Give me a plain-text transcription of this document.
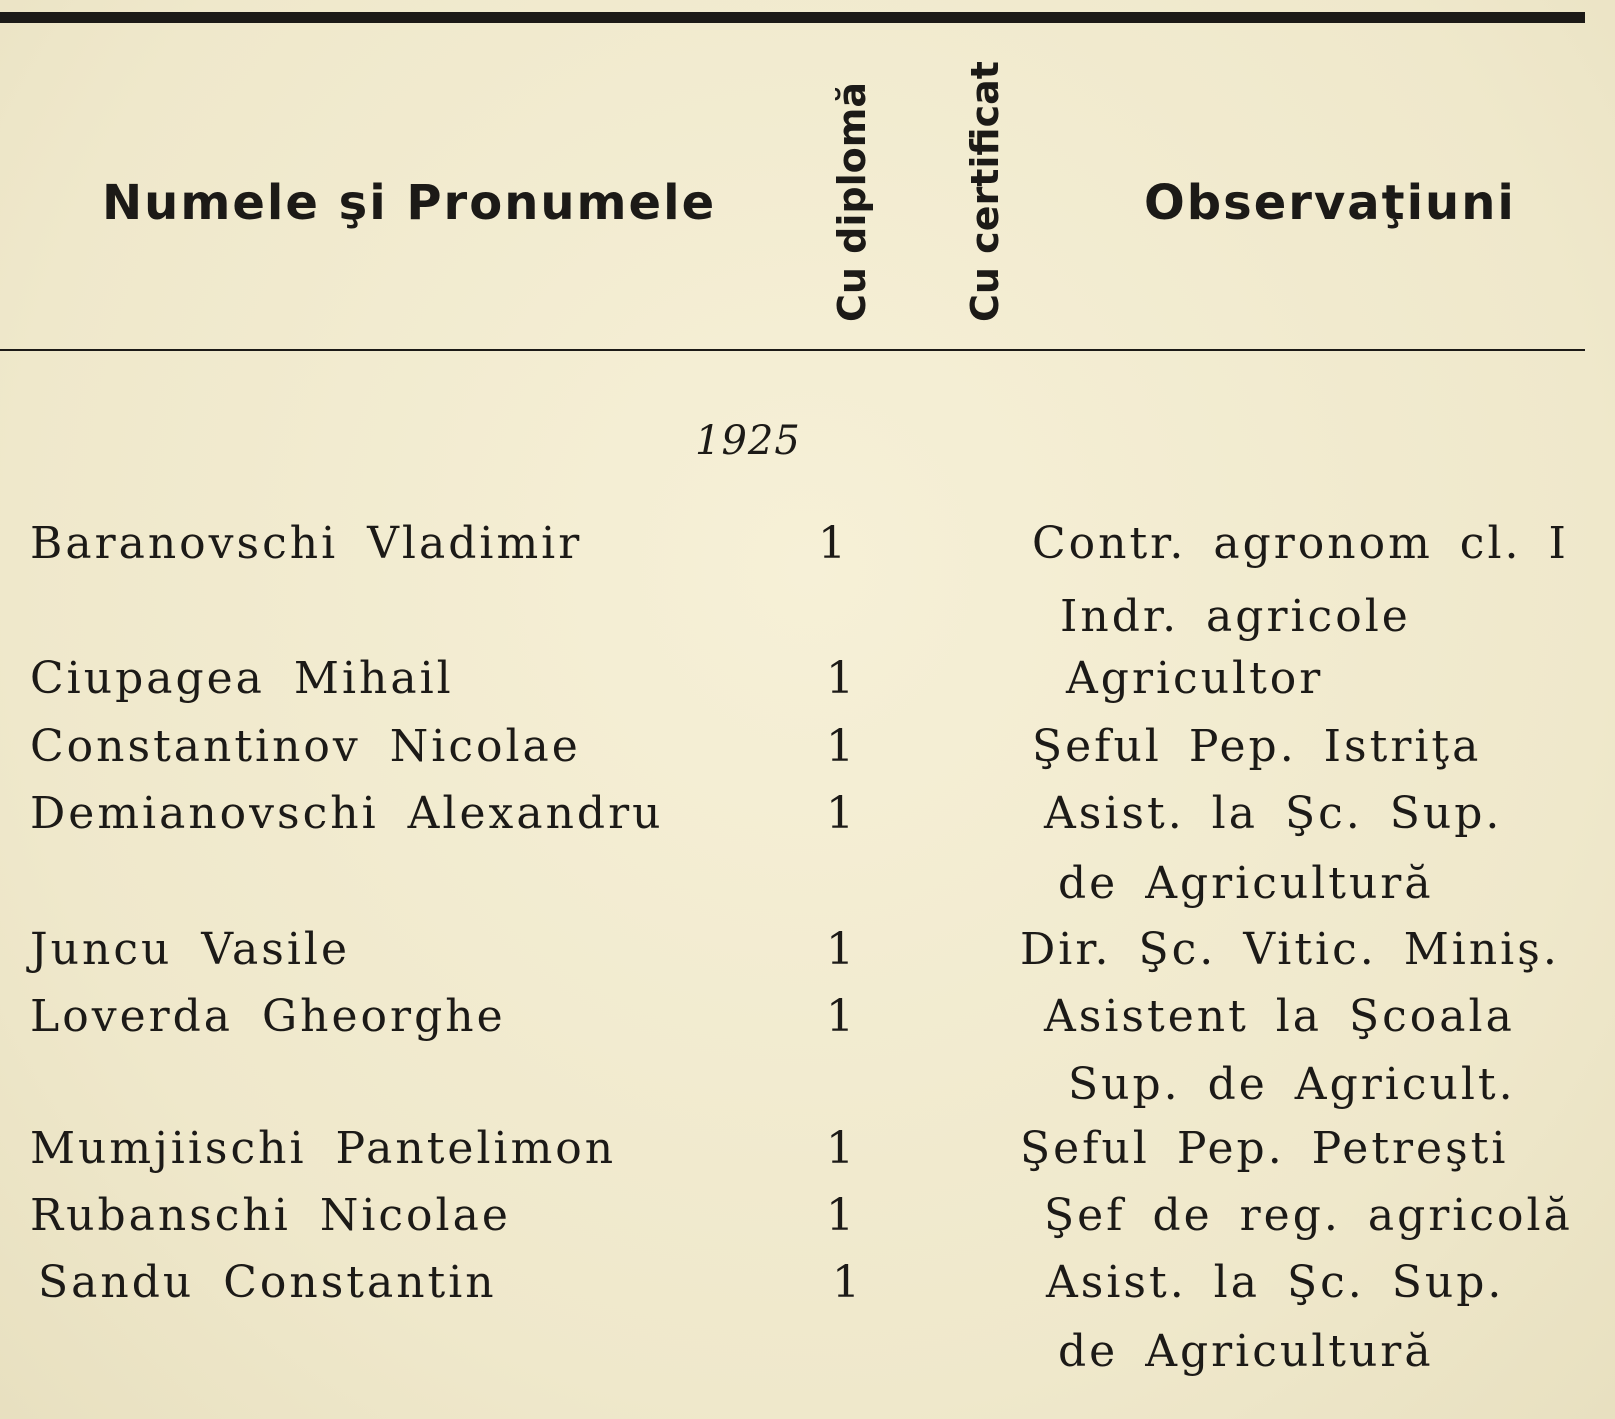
Numele şi Pronumele	Cu diplomă Cu certificat	Observaţiuni
1925
Baranovschi Vladimir	1	Contr. agronom cl. I
Indr. agricole
Ciupagea Mihail	1	Agricultor
Constantinov Nicolae	1	Şeful Pep. Istriţa
Demianovschi Alexandru	1	Asist. la Şc. Sup.
de Agricultură
Juncu Vasile	1	Dir. Şc. Vitic. Miniş.
Loverda Gheorghe	1	Asistent la Şcoala
Sup. de Agricult.
Mumjiischi Pantelimon	1	Şeful Pep. Petreşti
Rubanschi Nicolae	1	Şef de reg. agricolă
Sandu Constantin	1	Asist. la Şc. Sup.
de Agricultură
